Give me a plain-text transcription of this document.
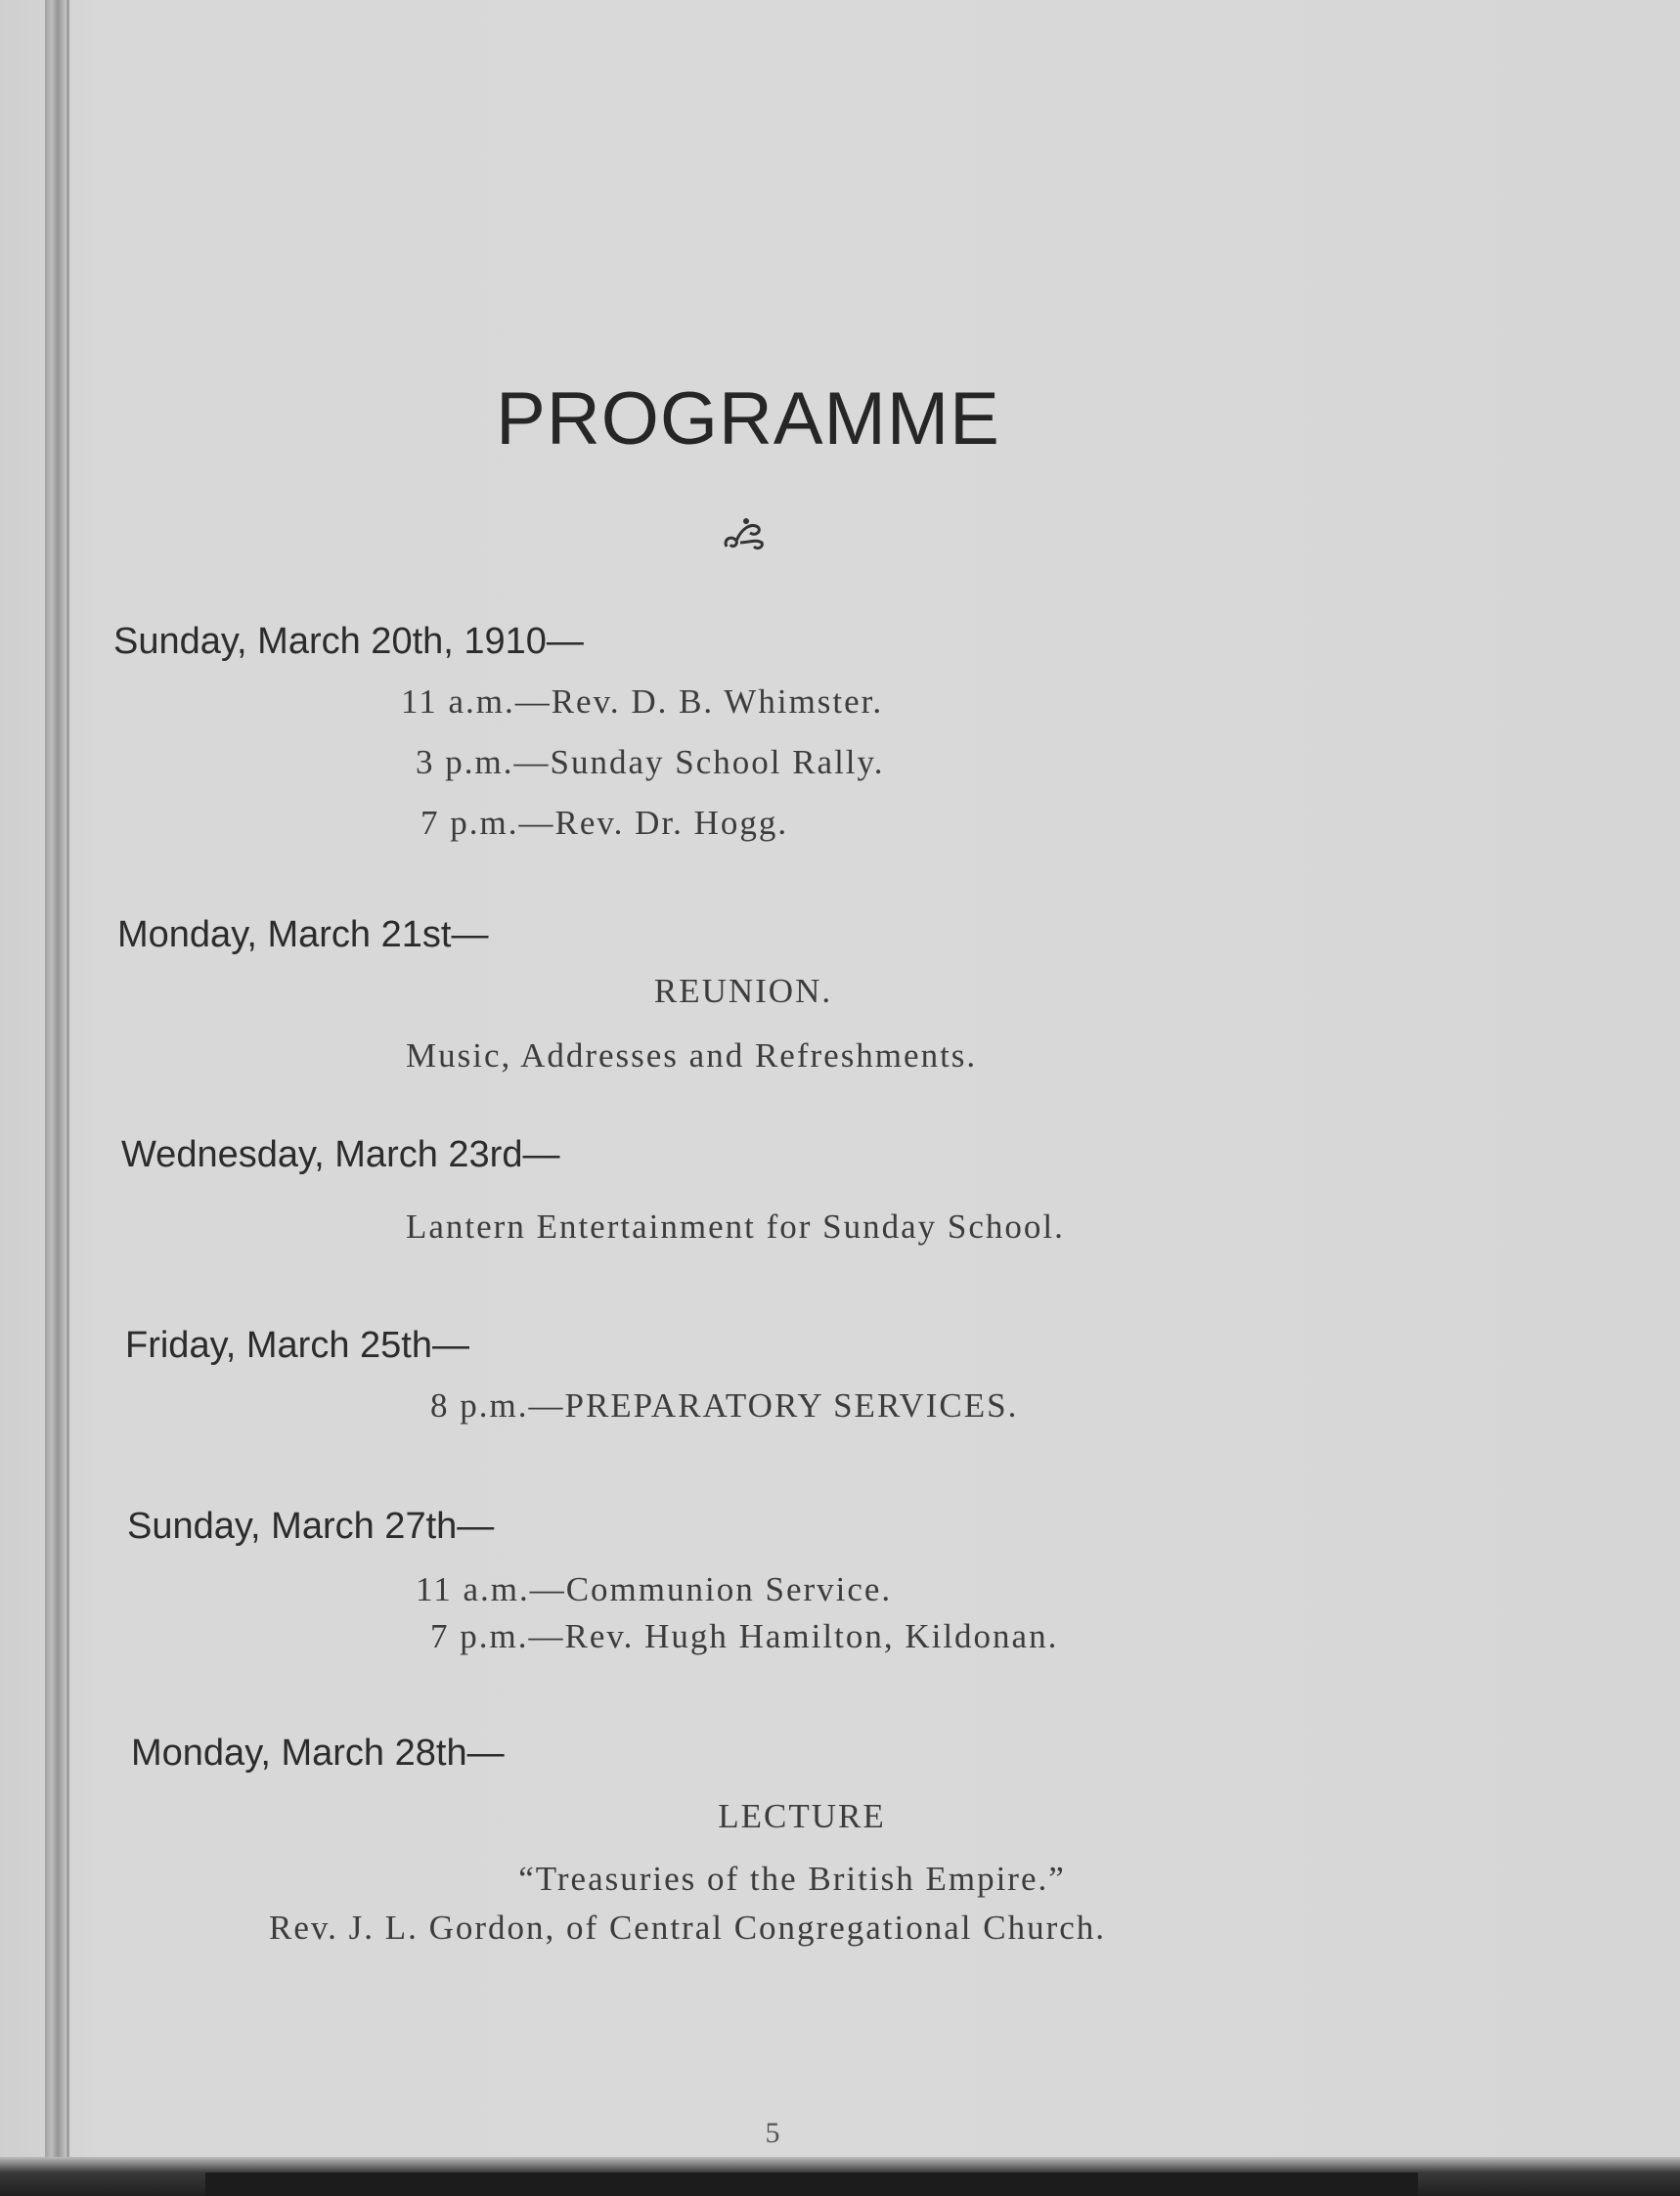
PROGRAMME
Sunday, March 20th, 1910—
11 a.m.—Rev. D. B. Whimster.
3 p.m.—Sunday School Rally.
7 p.m.—Rev. Dr. Hogg.
Monday, March 21st—
REUNION.
Music, Addresses and Refreshments.
Wednesday, March 23rd—
Lantern Entertainment for Sunday School.
Friday, March 25th—
8 p.m.—PREPARATORY SERVICES.
Sunday, March 27th—
11 a.m.—Communion Service.
7 p.m.—Rev. Hugh Hamilton, Kildonan.
Monday, March 28th—
LECTURE
“Treasuries of the British Empire.”
Rev. J. L. Gordon, of Central Congregational Church.
5
